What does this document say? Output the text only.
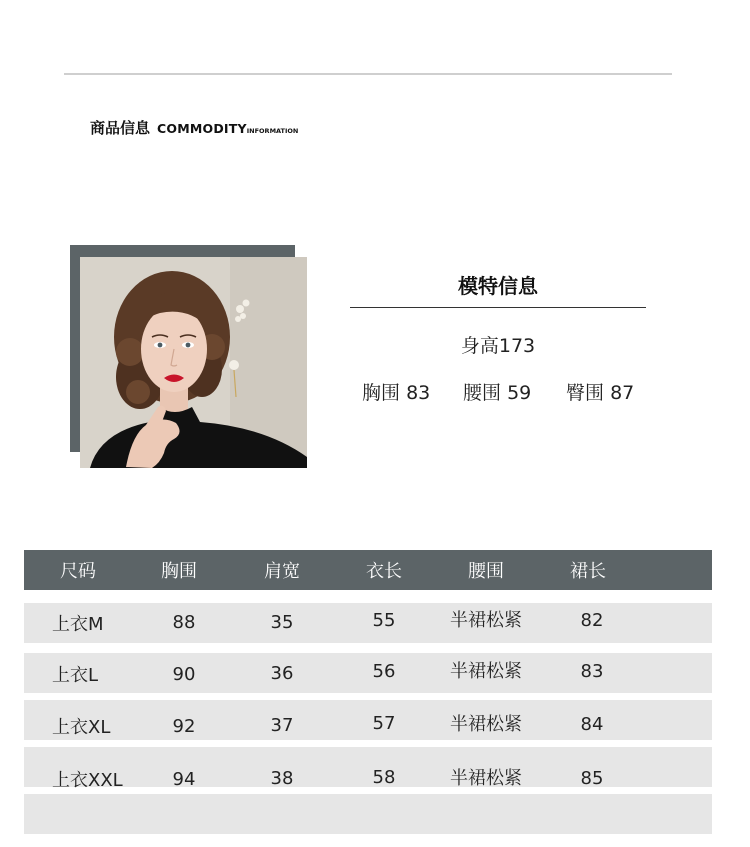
商品信息 COMMODITYINFORMATION
模特信息
身高173
胸围 83 腰围 59 臀围 87
尺码	胸围	肩宽	衣长	腰围	裙长
上衣M	88	35	55	半裙松紧	82
上衣L	90	36	56	半裙松紧	83
上衣XL	92	37	57	半裙松紧	84
上衣XXL	94	38	58	半裙松紧	85
